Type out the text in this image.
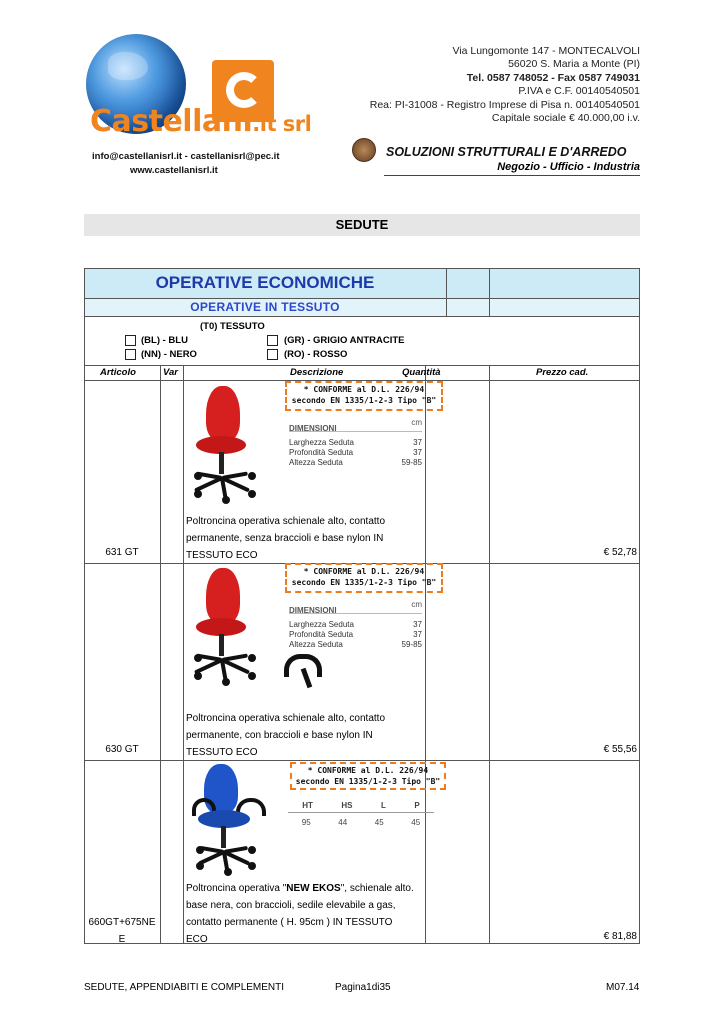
Castellani.it srl
info@castellanisrl.it - castellanisrl@pec.it
www.castellanisrl.it
Via Lungomonte 147 - MONTECALVOLI
56020 S. Maria a Monte (PI)
Tel. 0587 748052 - Fax 0587 749031
P.IVA e C.F. 00140540501
Rea: PI-31008 - Registro Imprese di Pisa n. 00140540501
Capitale sociale € 40.000,00 i.v.
SOLUZIONI STRUTTURALI E D'ARREDO
Negozio - Ufficio - Industria
SEDUTE
OPERATIVE ECONOMICHE
OPERATIVE IN TESSUTO
(T0) TESSUTO
(BL) - BLU
(NN) - NERO
(GR) - GRIGIO ANTRACITE
(RO) - ROSSO
Articolo	Var	Descrizione	Quantità	Prezzo cad.
* CONFORME al D.L. 226/94
secondo EN 1335/1-2-3 Tipo "B"
DIMENSIONI
cm
Larghezza Seduta	37
Profondità Seduta	37
Altezza Seduta	59-85
Poltroncina operativa schienale alto, contatto
permanente, senza braccioli e base nylon IN
TESSUTO ECO
631 GT	€ 52,78
* CONFORME al D.L. 226/94
secondo EN 1335/1-2-3 Tipo "B"
DIMENSIONI
cm
Larghezza Seduta	37
Profondità Seduta	37
Altezza Seduta	59-85
Poltroncina operativa schienale alto, contatto
permanente, con braccioli e base nylon IN
TESSUTO ECO
630 GT	€ 55,56
* CONFORME al D.L. 226/94
secondo EN 1335/1-2-3 Tipo "B"
HT	HS	L	P
95	44	45	45
Poltroncina operativa "NEW EKOS", schienale alto.
base nera, con braccioli, sedile elevabile a gas,
contatto permanente ( H. 95cm ) IN TESSUTO
ECO
660GT+675NE
E	€ 81,88
SEDUTE, APPENDIABITI E COMPLEMENTI	Pagina1di35	M07.14
